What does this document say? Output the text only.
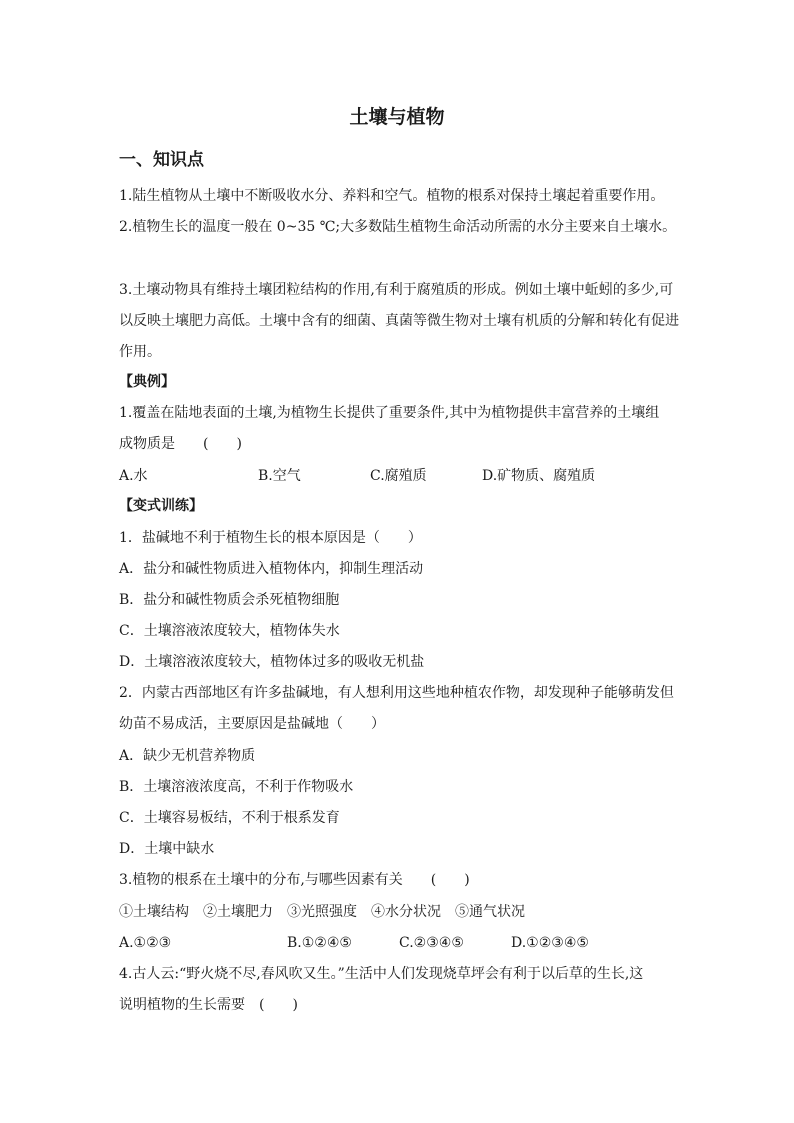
土壤与植物
一、知识点
1.陆生植物从土壤中不断吸收水分、养料和空气。植物的根系对保持土壤起着重要作用。
2.植物生长的温度一般在 0~35 ℃;大多数陆生植物生命活动所需的水分主要来自土壤水。
3.土壤动物具有维持土壤团粒结构的作用,有利于腐殖质的形成。例如土壤中蚯蚓的多少,可
以反映土壤肥力高低。土壤中含有的细菌、真菌等微生物对土壤有机质的分解和转化有促进
作用。
【典例】
1.覆盖在陆地表面的土壤,为植物生长提供了重要条件,其中为植物提供丰富营养的土壤组
成物质是　　(　　)
A.水	B.空气	C.腐殖质	D.矿物质、腐殖质
【变式训练】
1．盐碱地不利于植物生长的根本原因是（　　）
A．盐分和碱性物质进入植物体内，抑制生理活动
B．盐分和碱性物质会杀死植物细胞
C．土壤溶液浓度较大，植物体失水
D．土壤溶液浓度较大，植物体过多的吸收无机盐
2．内蒙古西部地区有许多盐碱地，有人想利用这些地种植农作物，却发现种子能够萌发但
幼苗不易成活，主要原因是盐碱地（　　）
A．缺少无机营养物质
B．土壤溶液浓度高，不利于作物吸水
C．土壤容易板结，不利于根系发育
D．土壤中缺水
3.植物的根系在土壤中的分布,与哪些因素有关　　(　　)
①土壤结构　②土壤肥力　③光照强度　④水分状况　⑤通气状况
A.①②③	B.①②④⑤	C.②③④⑤	D.①②③④⑤
4.古人云:“野火烧不尽,春风吹又生。”生活中人们发现烧草坪会有利于以后草的生长,这
说明植物的生长需要　(　　)
